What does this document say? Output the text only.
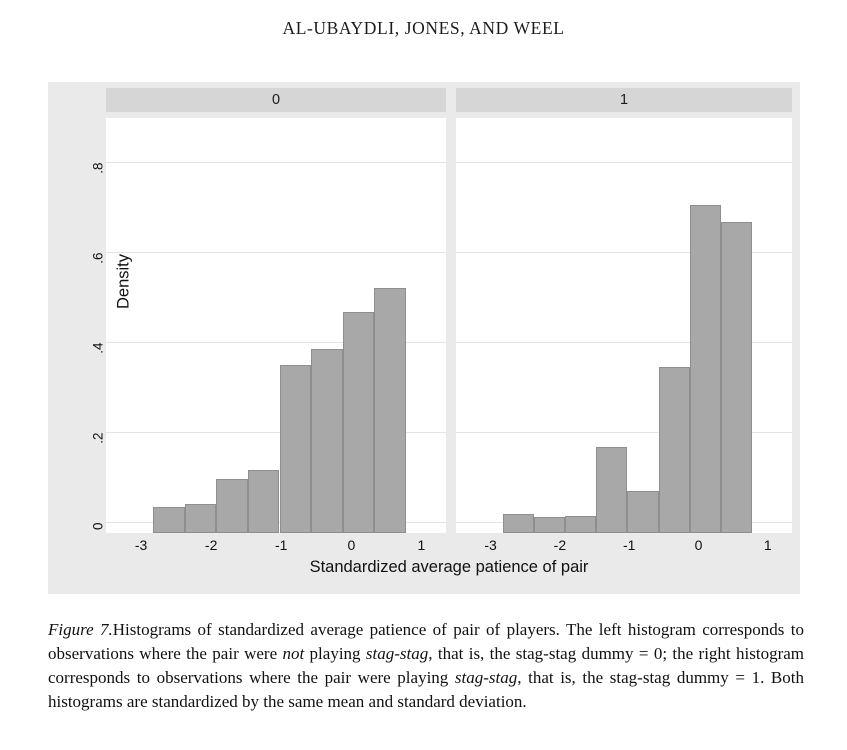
AL-UBAYDLI, JONES, AND WEEL
0	1
Density
0
.2
.4
.6
.8
-3	-2	-1	0	1	-3	-2	-1	0	1
Standardized average patience of pair
Figure 7.Histograms of standardized average patience of pair of players. The left histogram corresponds to observations where the pair were not playing stag-stag, that is, the stag-stag dummy = 0; the right histogram corresponds to observations where the pair were playing stag-stag, that is, the stag-stag dummy = 1. Both histograms are standardized by the same mean and standard deviation.
